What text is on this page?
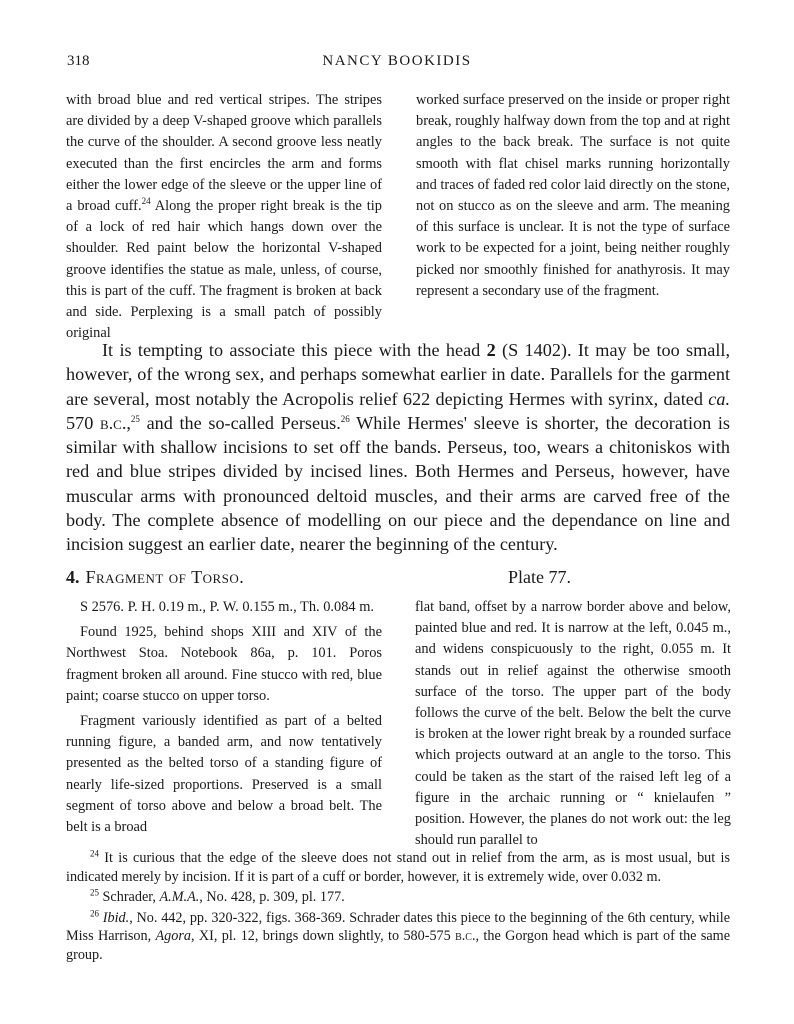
318	NANCY BOOKIDIS

with broad blue and red vertical stripes. The stripes are divided by a deep V-shaped groove which parallels the curve of the shoulder. A second groove less neatly executed than the first encircles the arm and forms either the lower edge of the sleeve or the upper line of a broad cuff.$^{24}$ Along the proper right break is the tip of a lock of red hair which hangs down over the shoulder. Red paint below the horizontal V-shaped groove identifies the statue as male, unless, of course, this is part of the cuff. The fragment is broken at back and side. Perplexing is a small patch of possibly original

worked surface preserved on the inside or proper right break, roughly halfway down from the top and at right angles to the back break. The surface is not quite smooth with flat chisel marks running horizontally and traces of faded red color laid directly on the stone, not on stucco as on the sleeve and arm. The meaning of this surface is unclear. It is not the type of surface work to be expected for a joint, being neither roughly picked nor smoothly finished for anathyrosis. It may represent a secondary use of the fragment.

It is tempting to associate this piece with the head 2 (S 1402). It may be too small, however, of the wrong sex, and perhaps somewhat earlier in date. Parallels for the garment are several, most notably the Acropolis relief 622 depicting Hermes with syrinx, dated ca. 570 b.c.,$^{25}$ and the so-called Perseus.$^{26}$ While Hermes' sleeve is shorter, the decoration is similar with shallow incisions to set off the bands. Perseus, too, wears a chitoniskos with red and blue stripes divided by incised lines. Both Hermes and Perseus, however, have muscular arms with pronounced deltoid muscles, and their arms are carved free of the body. The complete absence of modelling on our piece and the dependance on line and incision suggest an earlier date, nearer the beginning of the century.

4. Fragment of Torso.	Plate 77.

S 2576. P. H. 0.19 m., P. W. 0.155 m., Th. 0.084 m.

Found 1925, behind shops XIII and XIV of the Northwest Stoa. Notebook 86a, p. 101. Poros fragment broken all around. Fine stucco with red, blue paint; coarse stucco on upper torso.

Fragment variously identified as part of a belted running figure, a banded arm, and now tentatively presented as the belted torso of a standing figure of nearly life-sized proportions. Preserved is a small segment of torso above and below a broad belt. The belt is a broad

flat band, offset by a narrow border above and below, painted blue and red. It is narrow at the left, 0.045 m., and widens conspicuously to the right, 0.055 m. It stands out in relief against the otherwise smooth surface of the torso. The upper part of the body follows the curve of the belt. Below the belt the curve is broken at the lower right break by a rounded surface which projects outward at an angle to the torso. This could be taken as the start of the raised left leg of a figure in the archaic running or “ knielaufen ” position. However, the planes do not work out: the leg should run parallel to

$^{24}$ It is curious that the edge of the sleeve does not stand out in relief from the arm, as is most usual, but is indicated merely by incision. If it is part of a cuff or border, however, it is extremely wide, over 0.032 m.

$^{25}$ Schrader, A.M.A., No. 428, p. 309, pl. 177.

$^{26}$ Ibid., No. 442, pp. 320-322, figs. 368-369. Schrader dates this piece to the beginning of the 6th century, while Miss Harrison, Agora, XI, pl. 12, brings down slightly, to 580-575 b.c., the Gorgon head which is part of the same group.
